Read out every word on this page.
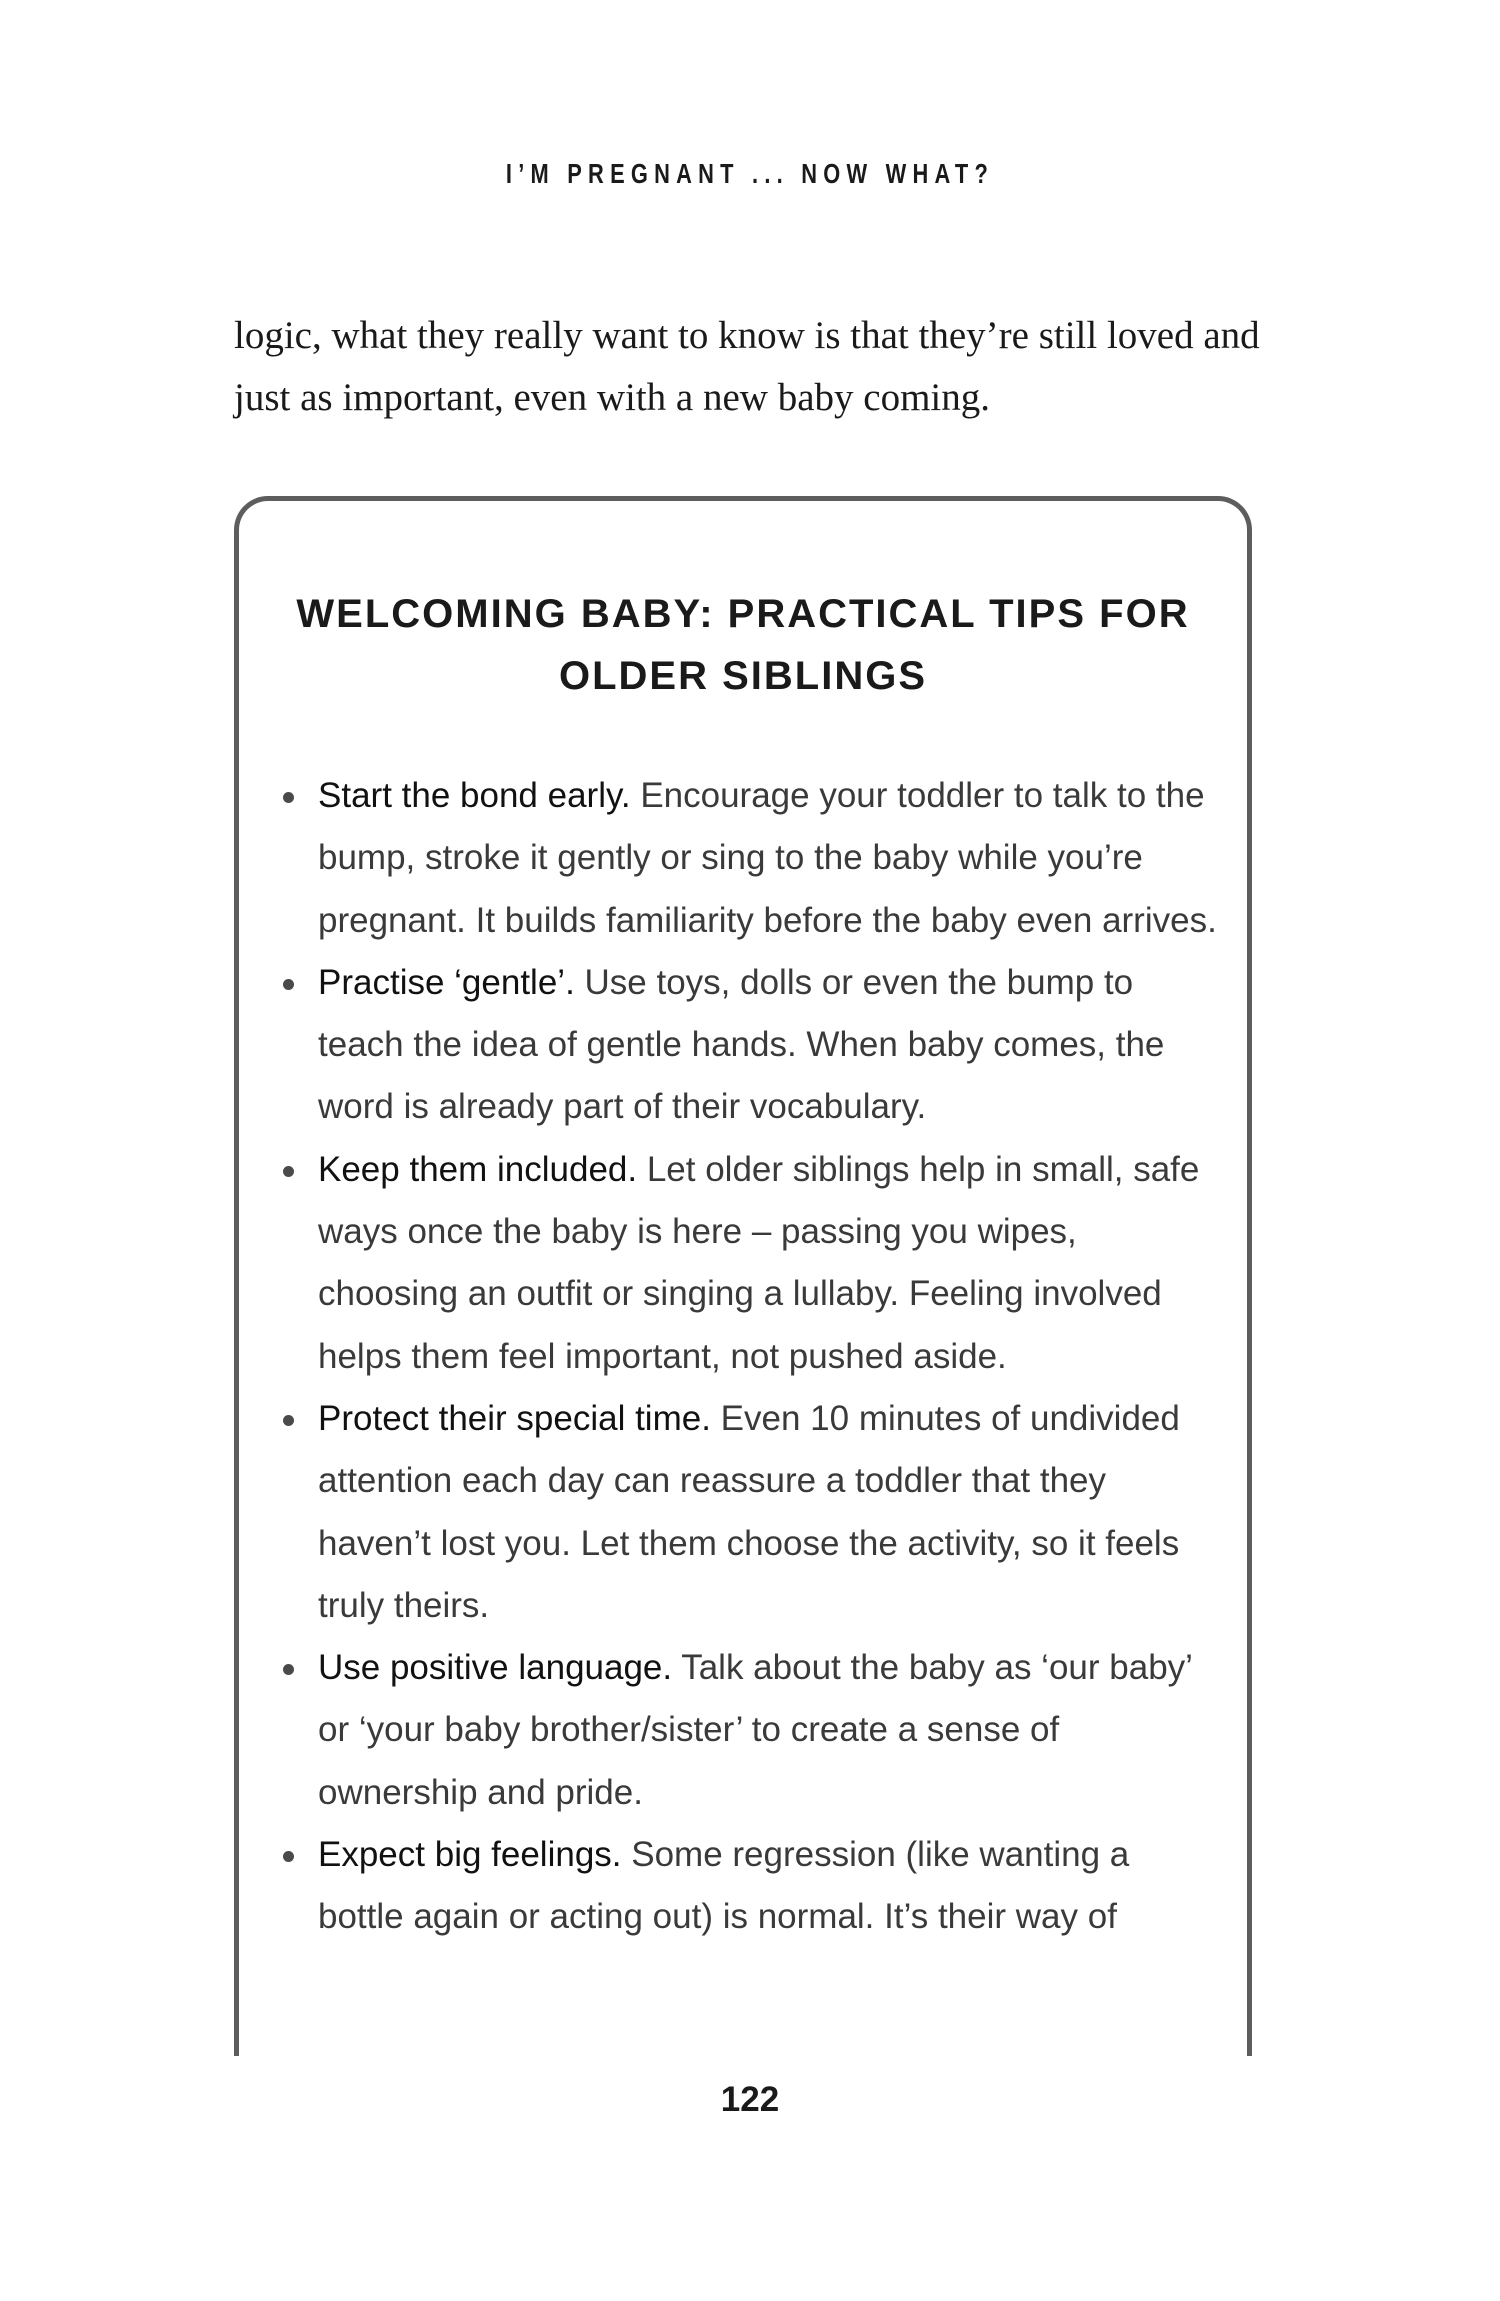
I’M PREGNANT ... NOW WHAT?

logic, what they really want to know is that they’re still loved and just as important, even with a new baby coming.

WELCOMING BABY: PRACTICAL TIPS FOR OLDER SIBLINGS
Start the bond early. Encourage your toddler to talk to the bump, stroke it gently or sing to the baby while you’re pregnant. It builds familiarity before the baby even arrives.
Practise ‘gentle’. Use toys, dolls or even the bump to teach the idea of gentle hands. When baby comes, the word is already part of their vocabulary.
Keep them included. Let older siblings help in small, safe ways once the baby is here – passing you wipes, choosing an outfit or singing a lullaby. Feeling involved helps them feel important, not pushed aside.
Protect their special time. Even 10 minutes of undivided attention each day can reassure a toddler that they haven’t lost you. Let them choose the activity, so it feels truly theirs.
Use positive language. Talk about the baby as ‘our baby’ or ‘your baby brother/sister’ to create a sense of ownership and pride.
Expect big feelings. Some regression (like wanting a bottle again or acting out) is normal. It’s their way of
122
